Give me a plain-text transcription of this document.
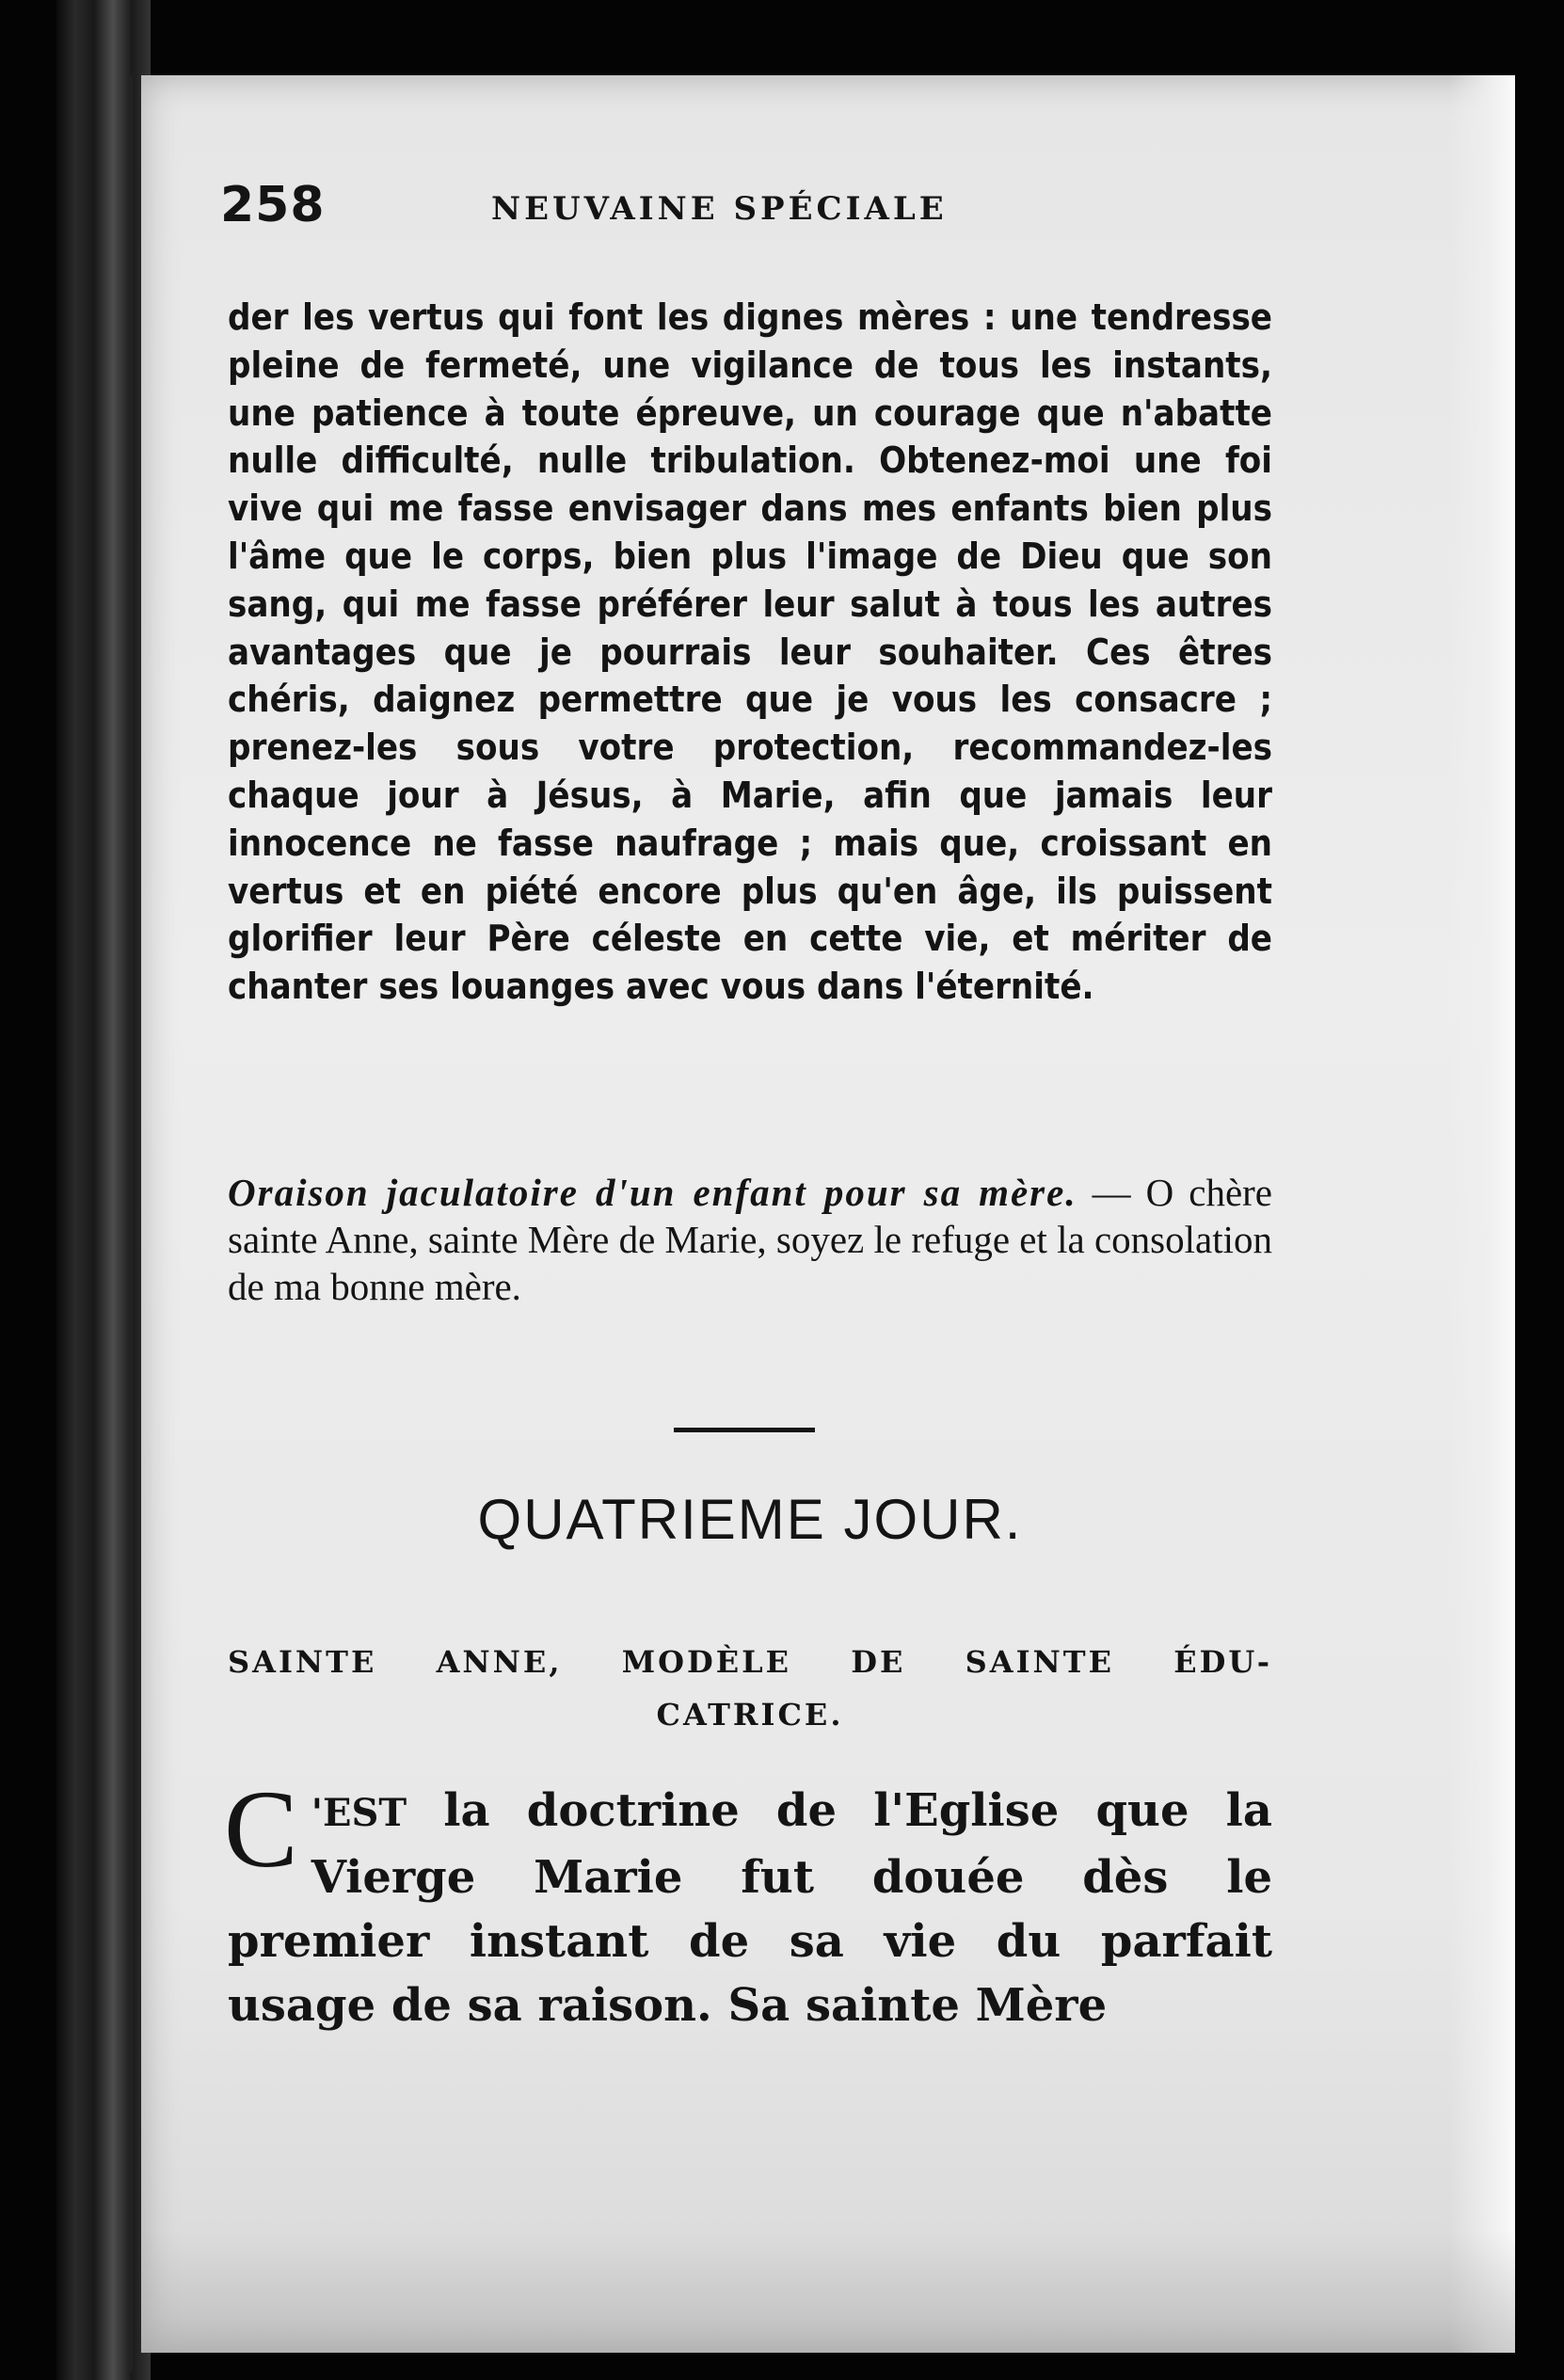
258	NEUVAINE SPÉCIALE

der les vertus qui font les dignes mères : une tendresse pleine de fermeté, une vigilance de tous les instants, une patience à toute épreuve, un courage que n'abatte nulle difficulté, nulle tribulation. Obtenez-moi une foi vive qui me fasse envisager dans mes enfants bien plus l'âme que le corps, bien plus l'image de Dieu que son sang, qui me fasse préférer leur salut à tous les autres avantages que je pourrais leur souhaiter. Ces êtres chéris, daignez permettre que je vous les consacre ; prenez-les sous votre protection, recommandez-les chaque jour à Jésus, à Marie, afin que jamais leur innocence ne fasse naufrage ; mais que, croissant en vertus et en piété encore plus qu'en âge, ils puissent glorifier leur Père céleste en cette vie, et mériter de chanter ses louanges avec vous dans l'éternité.

Oraison jaculatoire d'un enfant pour sa mère. — O chère sainte Anne, sainte Mère de Marie, soyez le refuge et la consolation de ma bonne mère.

QUATRIEME JOUR.

SAINTE ANNE, MODÈLE DE SAINTE ÉDU-
CATRICE.

C 'EST la doctrine de l'Eglise que la Vierge Marie fut douée dès le premier instant de sa vie du parfait usage de sa raison. Sa sainte Mère
